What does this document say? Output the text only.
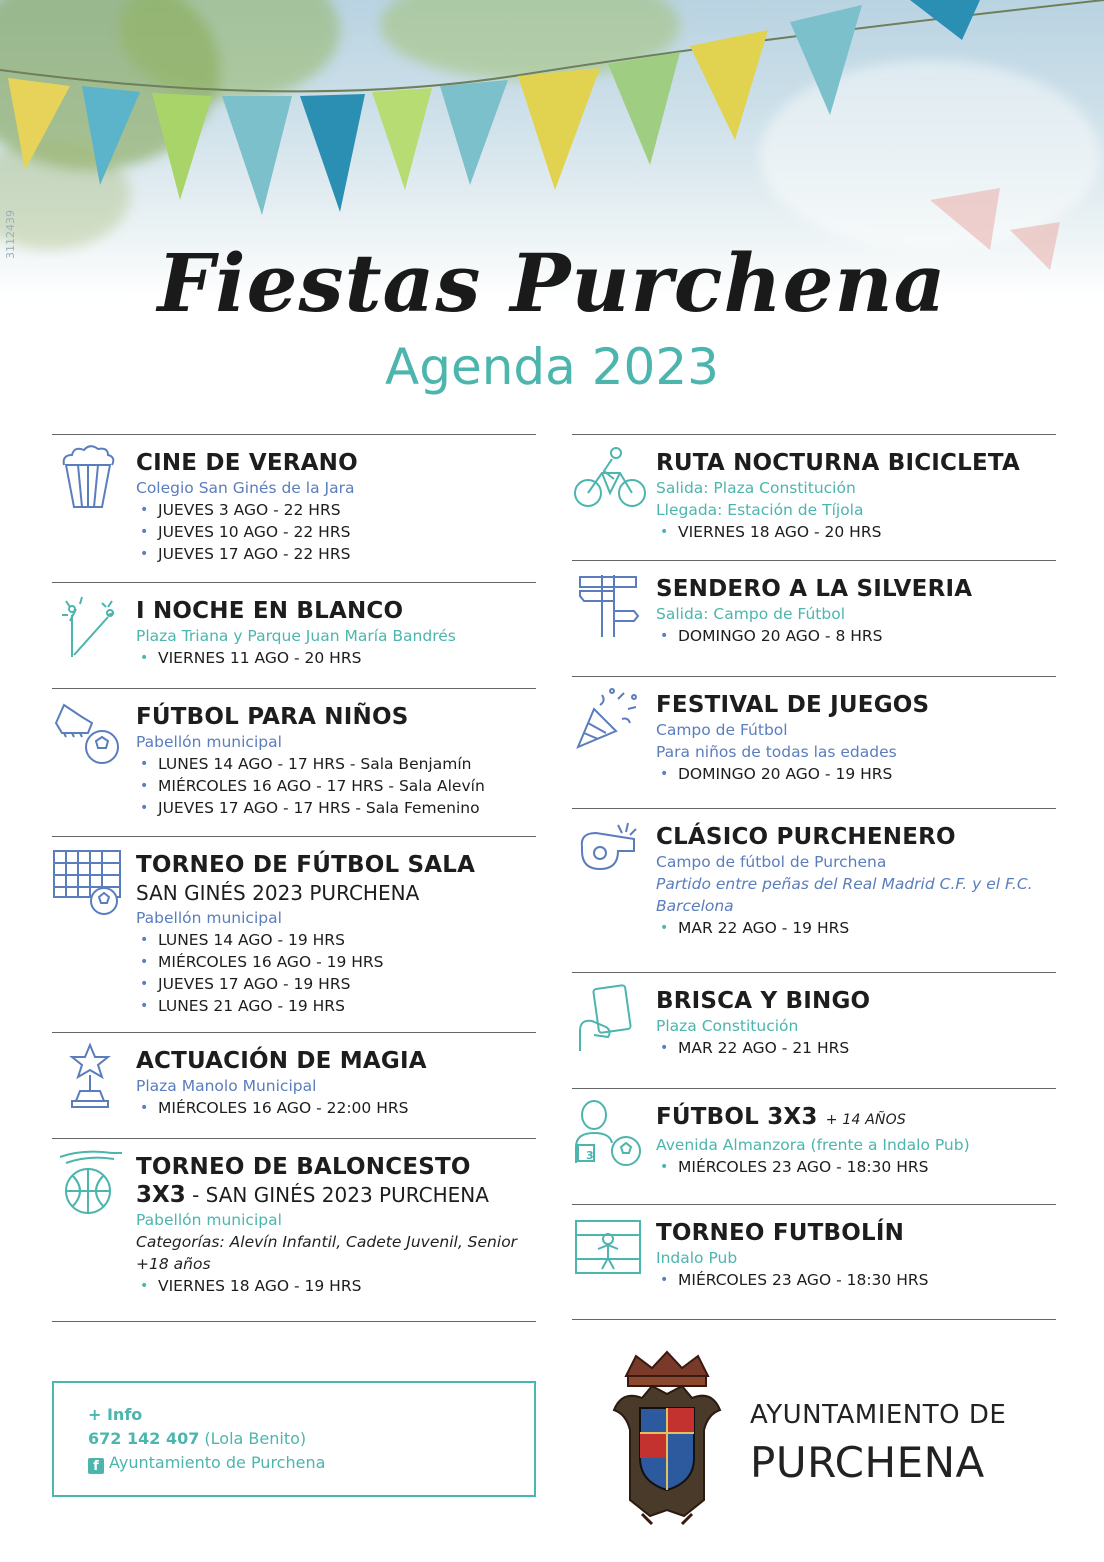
3112439
Fiestas Purchena
Agenda 2023
CINE DE VERANO
Colegio San Ginés de la Jara
• JUEVES 3 AGO - 22 HRS
• JUEVES 10 AGO - 22 HRS
• JUEVES 17 AGO - 22 HRS
I NOCHE EN BLANCO
Plaza Triana y Parque Juan María Bandrés
• VIERNES 11 AGO - 20 HRS
FÚTBOL PARA NIÑOS
Pabellón municipal
• LUNES 14 AGO - 17 HRS - Sala Benjamín
• MIÉRCOLES 16 AGO - 17 HRS - Sala Alevín
• JUEVES 17 AGO - 17 HRS - Sala Femenino
TORNEO DE FÚTBOL SALA
SAN GINÉS 2023 PURCHENA
Pabellón municipal
• LUNES 14 AGO - 19 HRS
• MIÉRCOLES 16 AGO - 19 HRS
• JUEVES 17 AGO - 19 HRS
• LUNES 21 AGO - 19 HRS
ACTUACIÓN DE MAGIA
Plaza Manolo Municipal
• MIÉRCOLES 16 AGO - 22:00 HRS
TORNEO DE BALONCESTO
3X3 - SAN GINÉS 2023 PURCHENA
Pabellón municipal
Categorías: Alevín Infantil, Cadete Juvenil, Senior +18 años
• VIERNES 18 AGO - 19 HRS
RUTA NOCTURNA BICICLETA
Salida: Plaza Constitución
Llegada: Estación de Tíjola
• VIERNES 18 AGO - 20 HRS
SENDERO A LA SILVERIA
Salida: Campo de Fútbol
• DOMINGO 20 AGO - 8 HRS
FESTIVAL DE JUEGOS
Campo de Fútbol
Para niños de todas las edades
• DOMINGO 20 AGO - 19 HRS
CLÁSICO PURCHENERO
Campo de fútbol de Purchena
Partido entre peñas del Real Madrid C.F. y el F.C. Barcelona
• MAR 22 AGO - 19 HRS
BRISCA Y BINGO
Plaza Constitución
• MAR 22 AGO - 21 HRS
3
FÚTBOL 3X3 + 14 AÑOS
Avenida Almanzora (frente a Indalo Pub)
• MIÉRCOLES 23 AGO - 18:30 HRS
TORNEO FUTBOLÍN
Indalo Pub
• MIÉRCOLES 23 AGO - 18:30 HRS
+ Info
672 142 407 (Lola Benito)
f Ayuntamiento de Purchena
AYUNTAMIENTO DE
PURCHENA
